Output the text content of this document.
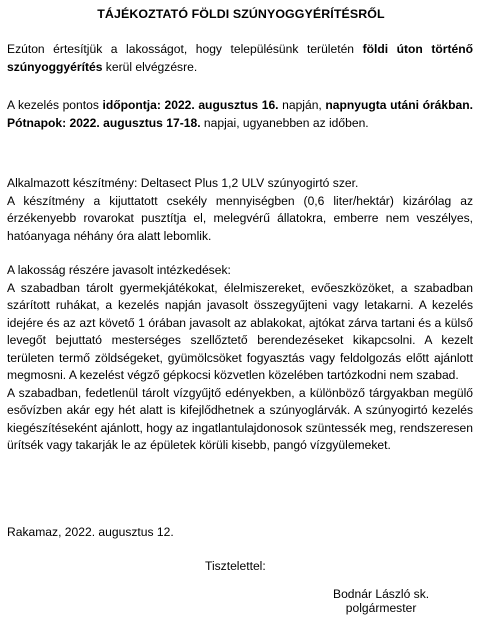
TÁJÉKOZTATÓ FÖLDI SZÚNYOGGYÉRÍTÉSRŐL

Ezúton értesítjük a lakosságot, hogy településünk területén földi úton történő szúnyoggyérítés kerül elvégzésre.

A kezelés pontos időpontja: 2022. augusztus 16. napján, napnyugta utáni órákban. Pótnapok: 2022. augusztus 17-18. napjai, ugyanebben az időben.

Alkalmazott készítmény: Deltasect Plus 1,2 ULV szúnyogirtó szer.
A készítmény a kijuttatott csekély mennyiségben (0,6 liter/hektár) kizárólag az érzékenyebb rovarokat pusztítja el, melegvérű állatokra, emberre nem veszélyes, hatóanyaga néhány óra alatt lebomlik.
A lakosság részére javasolt intézkedések:
A szabadban tárolt gyermekjátékokat, élelmiszereket, evőeszközöket, a szabadban szárított ruhákat, a kezelés napján javasolt összegyűjteni vagy letakarni. A kezelés idejére és az azt követő 1 órában javasolt az ablakokat, ajtókat zárva tartani és a külső levegőt bejuttató mesterséges szellőztető berendezéseket kikapcsolni. A kezelt területen termő zöldségeket, gyümölcsöket fogyasztás vagy feldolgozás előtt ajánlott megmosni. A kezelést végző gépkocsi közvetlen közelében tartózkodni nem szabad.
A szabadban, fedetlenül tárolt vízgyűjtő edényekben, a különböző tárgyakban megülő esővízben akár egy hét alatt is kifejlődhetnek a szúnyoglárvák. A szúnyogirtó kezelés kiegészítéseként ajánlott, hogy az ingatlantulajdonosok szüntessék meg, rendszeresen ürítsék vagy takarják le az épületek körüli kisebb, pangó vízgyülemeket.

Rakamaz, 2022. augusztus 12.

Tisztelettel:
Bodnár László sk.
polgármester
